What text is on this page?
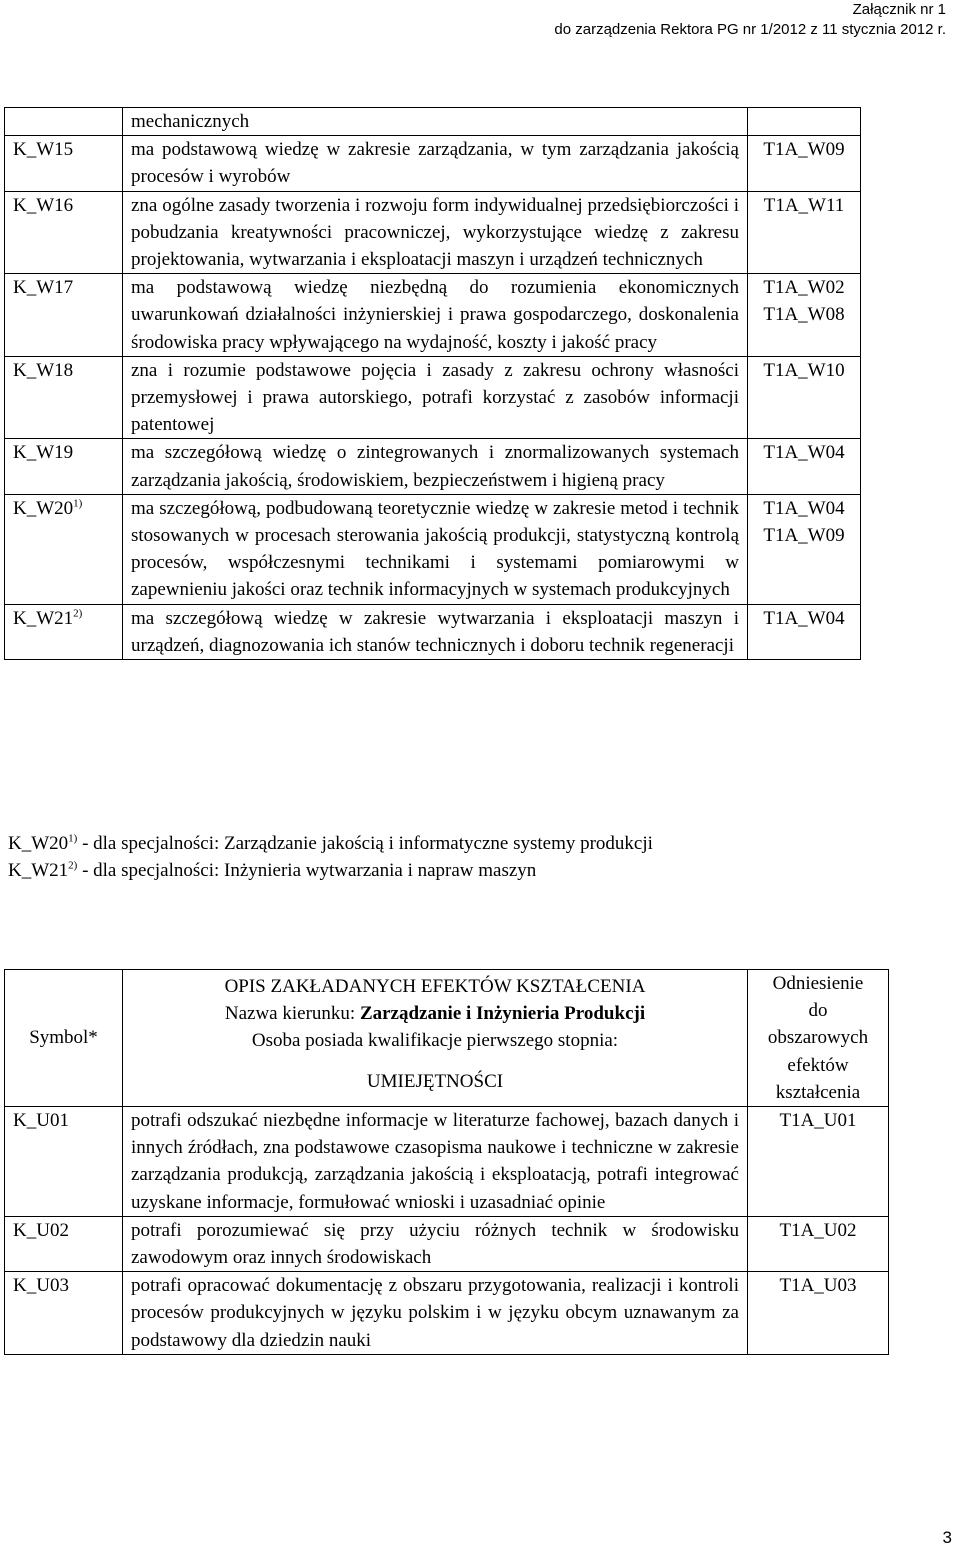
Załącznik nr 1
do zarządzenia Rektora PG nr 1/2012 z 11 stycznia 2012 r.
	mechanicznych	
K_W15	ma podstawową wiedzę w zakresie zarządzania, w tym zarządzania jakością procesów i wyrobów	T1A_W09
K_W16	zna ogólne zasady tworzenia i rozwoju form indywidualnej przedsiębiorczości i pobudzania kreatywności pracowniczej, wykorzystujące wiedzę z zakresu projektowania, wytwarzania i eksploatacji maszyn i urządzeń technicznych	T1A_W11
K_W17	ma podstawową wiedzę niezbędną do rozumienia ekonomicznych uwarunkowań działalności inżynierskiej i prawa gospodarczego, doskonalenia środowiska pracy wpływającego na wydajność, koszty i jakość pracy	T1A_W02
T1A_W08
K_W18	zna i rozumie podstawowe pojęcia i zasady z zakresu ochrony własności przemysłowej i prawa autorskiego, potrafi korzystać z zasobów informacji patentowej	T1A_W10
K_W19	ma szczegółową wiedzę o zintegrowanych i znormalizowanych systemach zarządzania jakością, środowiskiem, bezpieczeństwem i higieną pracy	T1A_W04
K_W20$^{1)}$	ma szczegółową, podbudowaną teoretycznie wiedzę w zakresie metod i technik stosowanych w procesach sterowania jakością produkcji, statystyczną kontrolą procesów, współczesnymi technikami i systemami pomiarowymi w zapewnieniu jakości oraz technik informacyjnych w systemach produkcyjnych	T1A_W04
T1A_W09
K_W21$^{2)}$	ma szczegółową wiedzę w zakresie wytwarzania i eksploatacji maszyn i urządzeń, diagnozowania ich stanów technicznych i doboru technik regeneracji	T1A_W04
K_W20$^{1)}$ - dla specjalności: Zarządzanie jakością i informatyczne systemy produkcji
K_W21$^{2)}$ - dla specjalności: Inżynieria wytwarzania i napraw maszyn
Symbol*	OPIS ZAKŁADANYCH EFEKTÓW KSZTAŁCENIA
Nazwa kierunku: Zarządzanie i Inżynieria Produkcji
Osoba posiada kwalifikacje pierwszego stopnia:
UMIEJĘTNOŚCI	Odniesienie do obszarowych efektów kształcenia
K_U01	potrafi odszukać niezbędne informacje w literaturze fachowej, bazach danych i innych źródłach, zna podstawowe czasopisma naukowe i techniczne w zakresie zarządzania produkcją, zarządzania jakością i eksploatacją, potrafi integrować uzyskane informacje, formułować wnioski i uzasadniać opinie	T1A_U01
K_U02	potrafi porozumiewać się przy użyciu różnych technik w środowisku zawodowym oraz innych środowiskach	T1A_U02
K_U03	potrafi opracować dokumentację z obszaru przygotowania, realizacji i kontroli procesów produkcyjnych w języku polskim i w języku obcym uznawanym za podstawowy dla dziedzin nauki	T1A_U03
3
